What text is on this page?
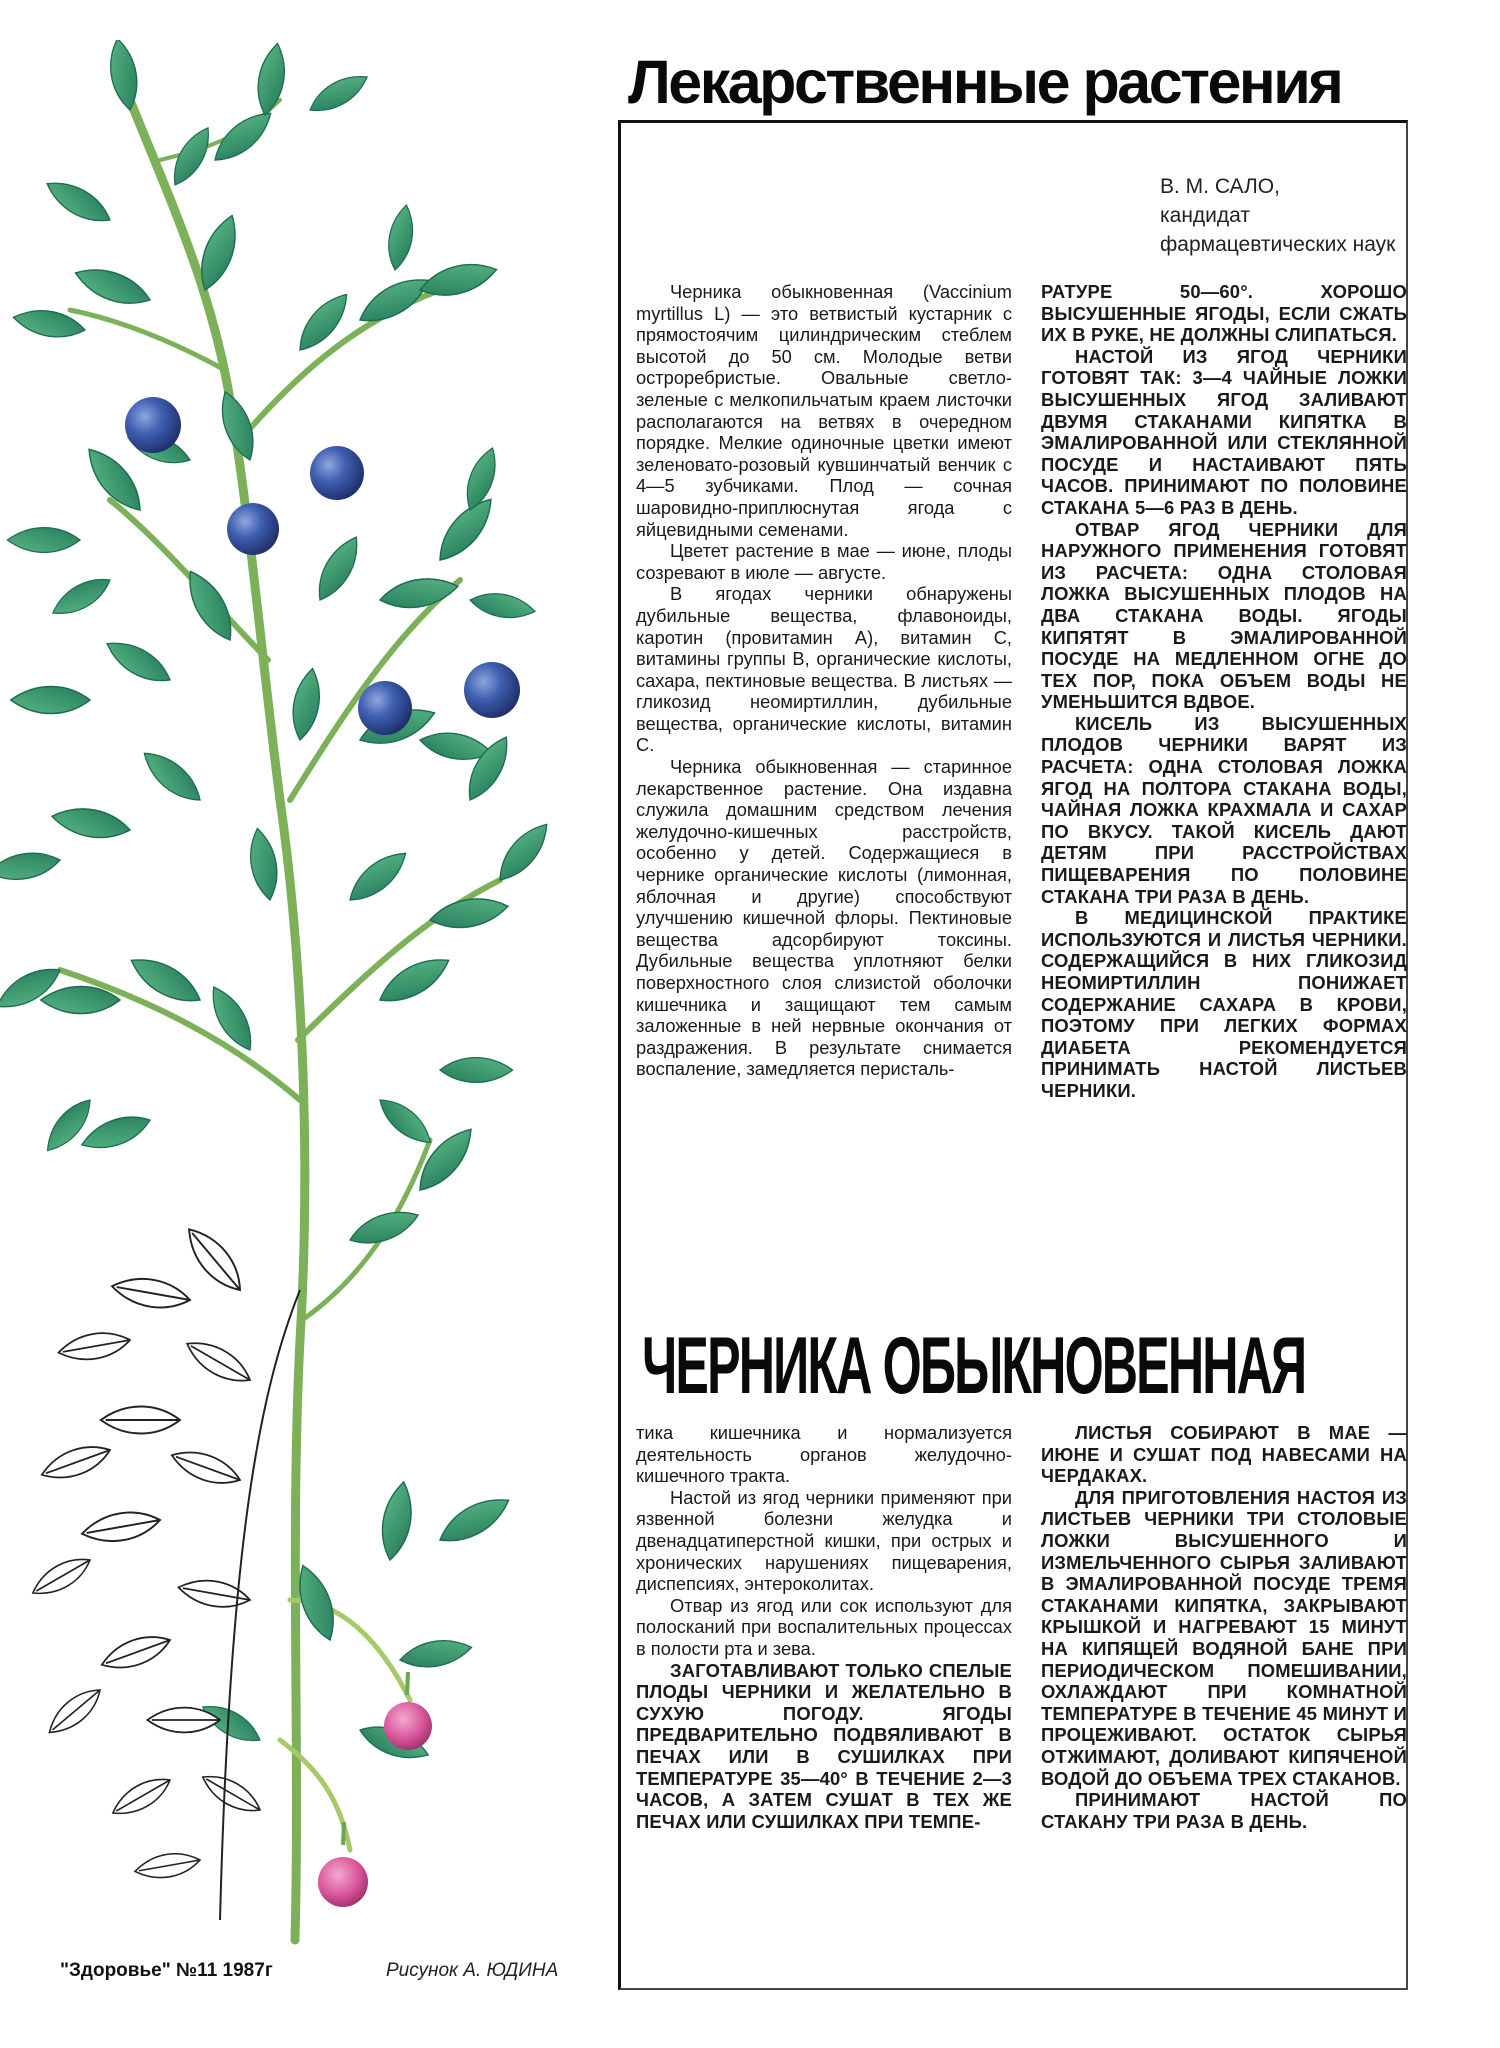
Лекарственные растения
В. М. САЛО,
кандидат
фармацевтических наук

Черника обыкновенная (Vaccinium myrtillus L) — это ветвистый кустарник с прямостоячим цилиндрическим стеблем высотой до 50 см. Молодые ветви остроребристые. Овальные светло-зеленые с мелкопильчатым краем листочки располагаются на ветвях в очередном порядке. Мелкие одиночные цветки имеют зеленовато-розовый кувшинчатый венчик с 4—5 зубчиками. Плод — сочная шаровидно-приплюснутая ягода с яйцевидными семенами.

Цветет растение в мае — июне, плоды созревают в июле — августе.

В ягодах черники обнаружены дубильные вещества, флавоноиды, каротин (провитамин А), витамин С, витамины группы В, органические кислоты, сахара, пектиновые вещества. В листьях — гликозид неомиртиллин, дубильные вещества, органические кислоты, витамин С.

Черника обыкновенная — старинное лекарственное растение. Она издавна служила домашним средством лечения желудочно-кишечных расстройств, особенно у детей. Содержащиеся в чернике органические кислоты (лимонная, яблочная и другие) способствуют улучшению кишечной флоры. Пектиновые вещества адсорбируют токсины. Дубильные вещества уплотняют белки поверхностного слоя слизистой оболочки кишечника и защищают тем самым заложенные в ней нервные окончания от раздражения. В результате снимается воспаление, замедляется перисталь-

РАТУРЕ 50—60°. ХОРОШО ВЫСУШЕННЫЕ ЯГОДЫ, ЕСЛИ СЖАТЬ ИХ В РУКЕ, НЕ ДОЛЖНЫ СЛИПАТЬСЯ.

НАСТОЙ ИЗ ЯГОД ЧЕРНИКИ ГОТОВЯТ ТАК: 3—4 ЧАЙНЫЕ ЛОЖКИ ВЫСУШЕННЫХ ЯГОД ЗАЛИВАЮТ ДВУМЯ СТАКАНАМИ КИПЯТКА В ЭМАЛИРОВАННОЙ ИЛИ СТЕКЛЯННОЙ ПОСУДЕ И НАСТАИВАЮТ ПЯТЬ ЧАСОВ. ПРИНИМАЮТ ПО ПОЛОВИНЕ СТАКАНА 5—6 РАЗ В ДЕНЬ.

ОТВАР ЯГОД ЧЕРНИКИ ДЛЯ НАРУЖНОГО ПРИМЕНЕНИЯ ГОТОВЯТ ИЗ РАСЧЕТА: ОДНА СТОЛОВАЯ ЛОЖКА ВЫСУШЕННЫХ ПЛОДОВ НА ДВА СТАКАНА ВОДЫ. ЯГОДЫ КИПЯТЯТ В ЭМАЛИРОВАННОЙ ПОСУДЕ НА МЕДЛЕННОМ ОГНЕ ДО ТЕХ ПОР, ПОКА ОБЪЕМ ВОДЫ НЕ УМЕНЬШИТСЯ ВДВОЕ.

КИСЕЛЬ ИЗ ВЫСУШЕННЫХ ПЛОДОВ ЧЕРНИКИ ВАРЯТ ИЗ РАСЧЕТА: ОДНА СТОЛОВАЯ ЛОЖКА ЯГОД НА ПОЛТОРА СТАКАНА ВОДЫ, ЧАЙНАЯ ЛОЖКА КРАХМАЛА И САХАР ПО ВКУСУ. ТАКОЙ КИСЕЛЬ ДАЮТ ДЕТЯМ ПРИ РАССТРОЙСТВАХ ПИЩЕВАРЕНИЯ ПО ПОЛОВИНЕ СТАКАНА ТРИ РАЗА В ДЕНЬ.

В МЕДИЦИНСКОЙ ПРАКТИКЕ ИСПОЛЬЗУЮТСЯ И ЛИСТЬЯ ЧЕРНИКИ. СОДЕРЖАЩИЙСЯ В НИХ ГЛИКОЗИД НЕОМИРТИЛЛИН ПОНИЖАЕТ СОДЕРЖАНИЕ САХАРА В КРОВИ, ПОЭТОМУ ПРИ ЛЕГКИХ ФОРМАХ ДИАБЕТА РЕКОМЕНДУЕТСЯ ПРИНИМАТЬ НАСТОЙ ЛИСТЬЕВ ЧЕРНИКИ.

ЧЕРНИКА ОБЫКНОВЕННАЯ

тика кишечника и нормализуется деятельность органов желудочно-кишечного тракта.

Настой из ягод черники применяют при язвенной болезни желудка и двенадцатиперстной кишки, при острых и хронических нарушениях пищеварения, диспепсиях, энтероколитах.

Отвар из ягод или сок используют для полосканий при воспалительных процессах в полости рта и зева.

ЗАГОТАВЛИВАЮТ ТОЛЬКО СПЕЛЫЕ ПЛОДЫ ЧЕРНИКИ И ЖЕЛАТЕЛЬНО В СУХУЮ ПОГОДУ. ЯГОДЫ ПРЕДВАРИТЕЛЬНО ПОДВЯЛИВАЮТ В ПЕЧАХ ИЛИ В СУШИЛКАХ ПРИ ТЕМПЕРАТУРЕ 35—40° В ТЕЧЕНИЕ 2—3 ЧАСОВ, А ЗАТЕМ СУШАТ В ТЕХ ЖЕ ПЕЧАХ ИЛИ СУШИЛКАХ ПРИ ТЕМПЕ-

ЛИСТЬЯ СОБИРАЮТ В МАЕ — ИЮНЕ И СУШАТ ПОД НАВЕСАМИ НА ЧЕРДАКАХ.

ДЛЯ ПРИГОТОВЛЕНИЯ НАСТОЯ ИЗ ЛИСТЬЕВ ЧЕРНИКИ ТРИ СТОЛОВЫЕ ЛОЖКИ ВЫСУШЕННОГО И ИЗМЕЛЬЧЕННОГО СЫРЬЯ ЗАЛИВАЮТ В ЭМАЛИРОВАННОЙ ПОСУДЕ ТРЕМЯ СТАКАНАМИ КИПЯТКА, ЗАКРЫВАЮТ КРЫШКОЙ И НАГРЕВАЮТ 15 МИНУТ НА КИПЯЩЕЙ ВОДЯНОЙ БАНЕ ПРИ ПЕРИОДИЧЕСКОМ ПОМЕШИВАНИИ, ОХЛАЖДАЮТ ПРИ КОМНАТНОЙ ТЕМПЕРАТУРЕ В ТЕЧЕНИЕ 45 МИНУТ И ПРОЦЕЖИВАЮТ. ОСТАТОК СЫРЬЯ ОТЖИМАЮТ, ДОЛИВАЮТ КИПЯЧЕНОЙ ВОДОЙ ДО ОБЪЕМА ТРЕХ СТАКАНОВ.

ПРИНИМАЮТ НАСТОЙ ПО СТАКАНУ ТРИ РАЗА В ДЕНЬ.

"Здоровье" №11 1987г	Рисунок А. ЮДИНА
